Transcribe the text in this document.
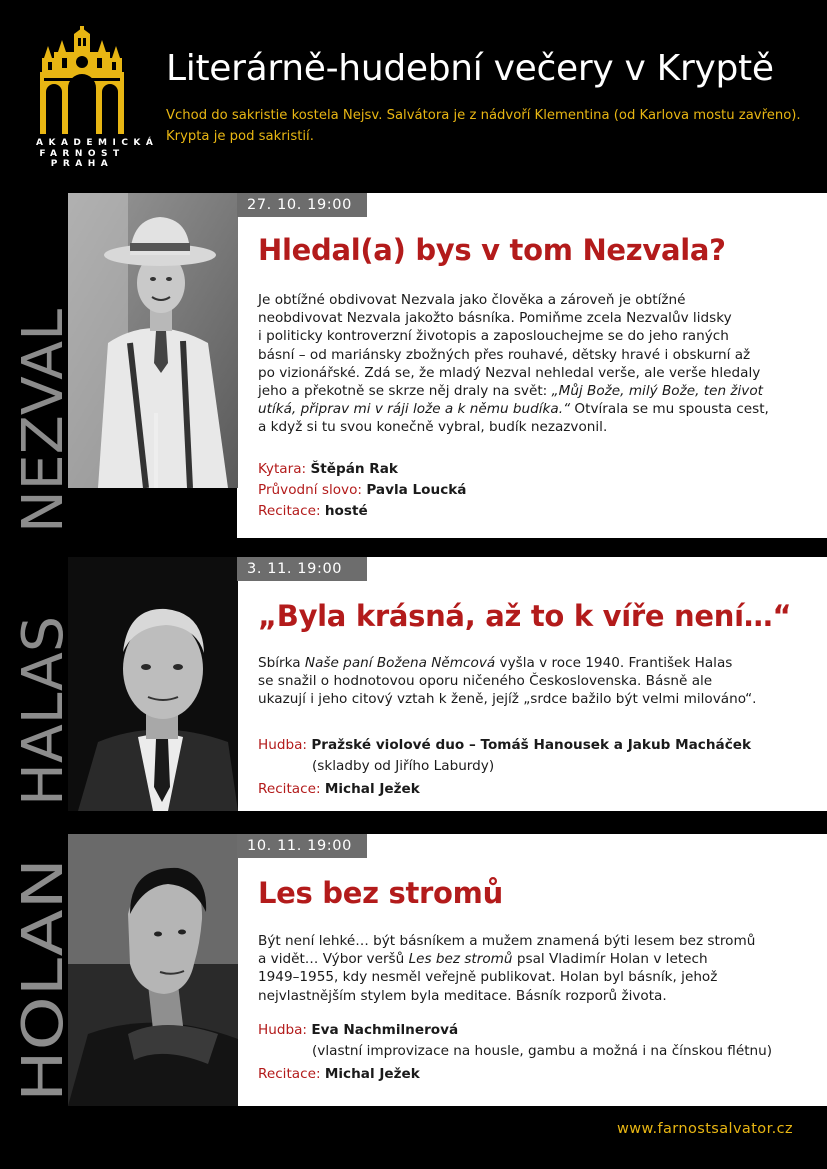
AKADEMICKÁ
FARNOST
PRAHA
Literárně-hudební večery v Kryptě
Vchod do sakristie kostela Nejsv. Salvátora je z nádvoří Klementina (od Karlova mostu zavřeno).
Krypta je pod sakristií.
27. 10. 19:00
NEZVAL
Hledal(a) bys v tom Nezvala?
Je obtížné obdivovat Nezvala jako člověka a zároveň je obtížné
neobdivovat Nezvala jakožto básníka. Pomiňme zcela Nezvalův lidsky
i politicky kontroverzní životopis a zaposlouchejme se do jeho raných
básní – od mariánsky zbožných přes rouhavé, dětsky hravé i obskurní až
po vizionářské. Zdá se, že mladý Nezval nehledal verše, ale verše hledaly
jeho a překotně se skrze něj draly na svět: „Můj Bože, milý Bože, ten život
utíká, připrav mi v ráji lože a k němu budíka.“ Otvírala se mu spousta cest,
a když si tu svou konečně vybral, budík nezazvonil.
Kytara: Štěpán Rak
Průvodní slovo: Pavla Loucká
Recitace: hosté
3. 11. 19:00
HALAS
„Byla krásná, až to k víře není…“
Sbírka Naše paní Božena Němcová vyšla v roce 1940. František Halas
se snažil o hodnotovou oporu ničeného Československa. Básně ale
ukazují i jeho citový vztah k ženě, jejíž „srdce bažilo být velmi milováno“.
Hudba: Pražské violové duo – Tomáš Hanousek a Jakub Macháček
(skladby od Jiřího Laburdy)
Recitace: Michal Ježek
10. 11. 19:00
HOLAN
Les bez stromů
Být není lehké… být básníkem a mužem znamená býti lesem bez stromů
a vidět… Výbor veršů Les bez stromů psal Vladimír Holan v letech
1949–1955, kdy nesměl veřejně publikovat. Holan byl básník, jehož
nejvlastnějším stylem byla meditace. Básník rozporů života.
Hudba: Eva Nachmilnerová
(vlastní improvizace na housle, gambu a možná i na čínskou flétnu)
Recitace: Michal Ježek
www.farnostsalvator.cz
